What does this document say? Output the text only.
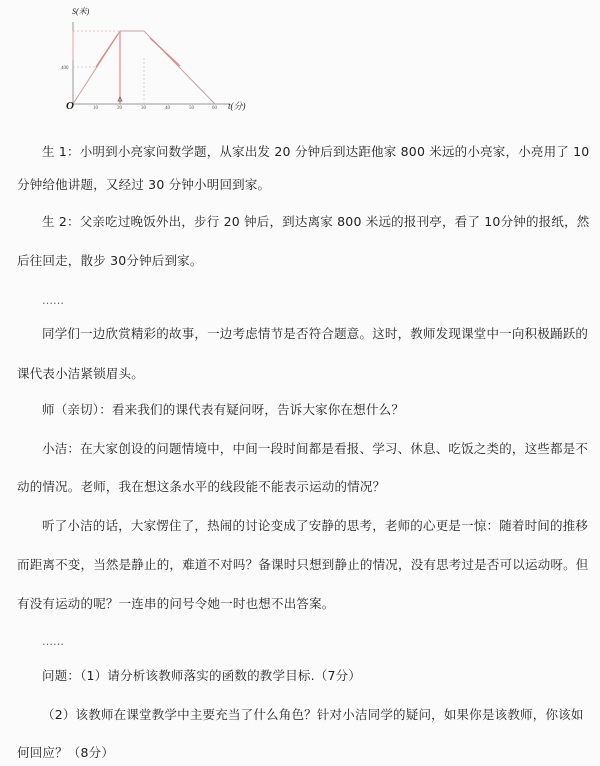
O	10	20	30	40	50	60
400
t(分)
S(米)
生 1：小明到小亮家问数学题，从家出发 20 分钟后到达距他家 800 米远的小亮家，小亮用了 10
分钟给他讲题，又经过 30 分钟小明回到家。
生 2：父亲吃过晚饭外出，步行 20 钟后，到达离家 800 米远的报刊亭，看了 10分钟的报纸，然
后往回走，散步 30分钟后到家。
……
同学们一边欣赏精彩的故事，一边考虑情节是否符合题意。这时，教师发现课堂中一向积极踊跃的
课代表小洁紧锁眉头。
师（亲切）：看来我们的课代表有疑问呀，告诉大家你在想什么？
小洁：在大家创设的问题情境中，中间一段时间都是看报、学习、休息、吃饭之类的，这些都是不
动的情况。老师，我在想这条水平的线段能不能表示运动的情况？
听了小洁的话，大家愣住了，热闹的讨论变成了安静的思考，老师的心更是一惊：随着时间的推移
而距离不变，当然是静止的，难道不对吗？备课时只想到静止的情况，没有思考过是否可以运动呀。但
有没有运动的呢？一连串的问号令她一时也想不出答案。
……
问题：（1）请分析该教师落实的函数的教学目标.（7分）
（2）该教师在课堂教学中主要充当了什么角色？针对小洁同学的疑问，如果你是该教师，你该如
何回应？（8分）
